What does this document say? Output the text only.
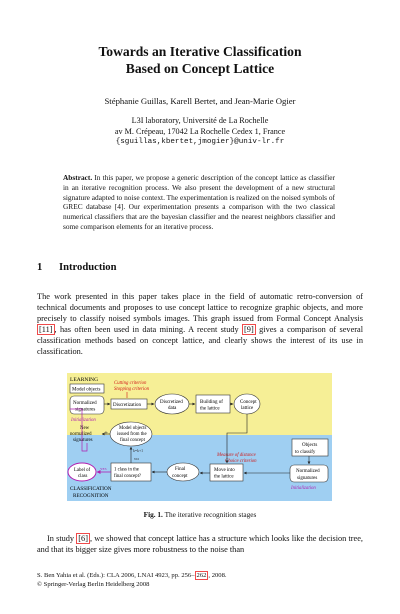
Towards an Iterative Classification
Based on Concept Lattice
Stéphanie Guillas, Karell Bertet, and Jean-Marie Ogier
L3I laboratory, Université de La Rochelle
av M. Crépeau, 17042 La Rochelle Cedex 1, France
{sguillas,kbertet,jmogier}@univ-lr.fr
Abstract. In this paper, we propose a generic description of the concept lattice as classifier in an iterative recognition process. We also present the development of a new structural signature adapted to noise context. The experimentation is realized on the noised symbols of GREC database [4]. Our experimentation presents a comparison with the two classical numerical classifiers that are the bayesian classifier and the nearest neighbors classifier and some comparison elements for an iterative process.
1 Introduction
The work presented in this paper takes place in the field of automatic retro-conversion of technical documents and proposes to use concept lattice to recognize graphic objects, and more precisely to classify noised symbols images. This graph issued from Formal Concept Analysis [11] , has often been used in data mining. A recent study [9] gives a comparison of several classification methods based on concept lattice, and clearly shows the interest of its use in classification.
LEARNING
Model objects
Normalized
signatures
Cutting criterion
Stopping criterion
Discretization
Discretized
data
Building of
the lattice
Concept
lattice
Initialization
New
normalized
signatures
+
Model objects
issued from the
final concept
k=k+1
Objects
to classify
Measure of distance
Choice criterion
Label of
class
1 class in the
final concept?
Final
concept
Move into
the lattice
Normalized
signatures
Initialization
CLASSIFICATION
RECOGNITION
YES
NO
Fig. 1. The iterative recognition stages
In study [6] , we showed that concept lattice has a structure which looks like the decision tree, and that its bigger size gives more robustness to the noise than
S. Ben Yahia et al. (Eds.): CLA 2006, LNAI 4923, pp. 256– 262 , 2008.
© Springer-Verlag Berlin Heidelberg 2008
